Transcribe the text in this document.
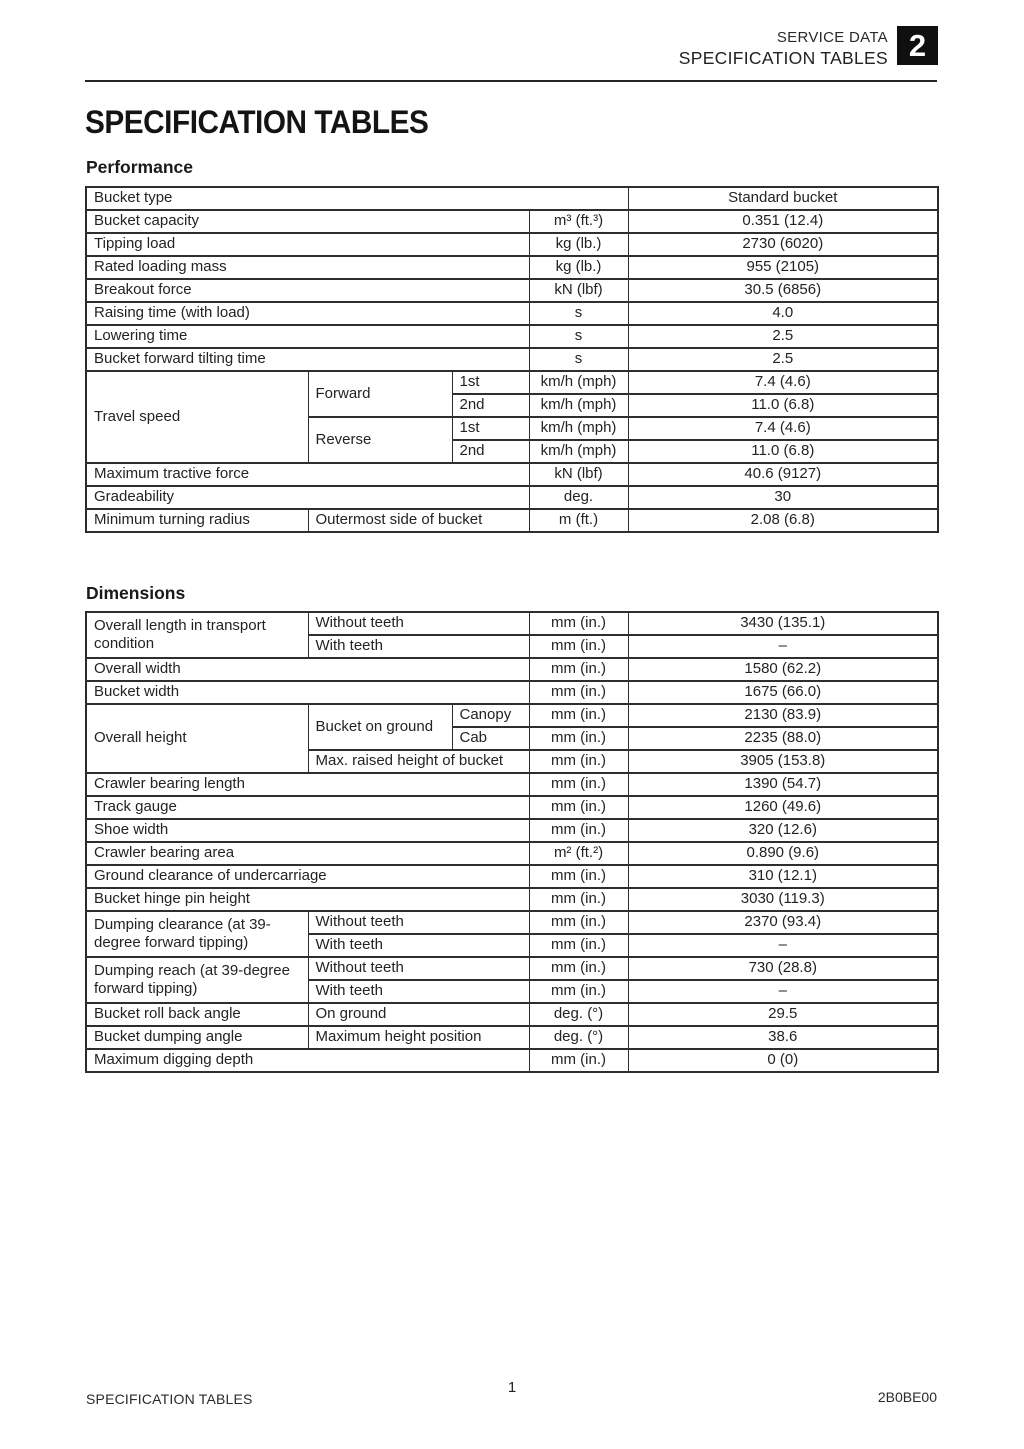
SERVICE DATA
SPECIFICATION TABLES 2
SPECIFICATION TABLES
Performance
Bucket type				Standard bucket
Bucket capacity			m³ (ft.³)	0.351 (12.4)
Tipping load			kg (lb.)	2730 (6020)
Rated loading mass			kg (lb.)	955 (2105)
Breakout force			kN (lbf)	30.5 (6856)
Raising time (with load)			s	4.0
Lowering time			s	2.5
Bucket forward tilting time			s	2.5
Travel speed	Forward	1st	km/h (mph)	7.4 (4.6)
		2nd	km/h (mph)	11.0 (6.8)
	Reverse	1st	km/h (mph)	7.4 (4.6)
		2nd	km/h (mph)	11.0 (6.8)
Maximum tractive force			kN (lbf)	40.6 (9127)
Gradeability			deg.	30
Minimum turning radius	Outermost side of bucket		m (ft.)	2.08 (6.8)
Dimensions
Overall length in transport condition	Without teeth		mm (in.)	3430 (135.1)
	With teeth		mm (in.)	–
Overall width			mm (in.)	1580 (62.2)
Bucket width			mm (in.)	1675 (66.0)
Overall height	Bucket on ground	Canopy	mm (in.)	2130 (83.9)
		Cab	mm (in.)	2235 (88.0)
	Max. raised height of bucket		mm (in.)	3905 (153.8)
Crawler bearing length			mm (in.)	1390 (54.7)
Track gauge			mm (in.)	1260 (49.6)
Shoe width			mm (in.)	320 (12.6)
Crawler bearing area			m² (ft.²)	0.890 (9.6)
Ground clearance of undercarriage			mm (in.)	310 (12.1)
Bucket hinge pin height			mm (in.)	3030 (119.3)
Dumping clearance (at 39-degree forward tipping)	Without teeth		mm (in.)	2370 (93.4)
	With teeth		mm (in.)	–
Dumping reach (at 39-degree forward tipping)	Without teeth		mm (in.)	730 (28.8)
	With teeth		mm (in.)	–
Bucket roll back angle	On ground		deg. (°)	29.5
Bucket dumping angle	Maximum height position		deg. (°)	38.6
Maximum digging depth			mm (in.)	0 (0)
SPECIFICATION TABLES
1
2B0BE00
